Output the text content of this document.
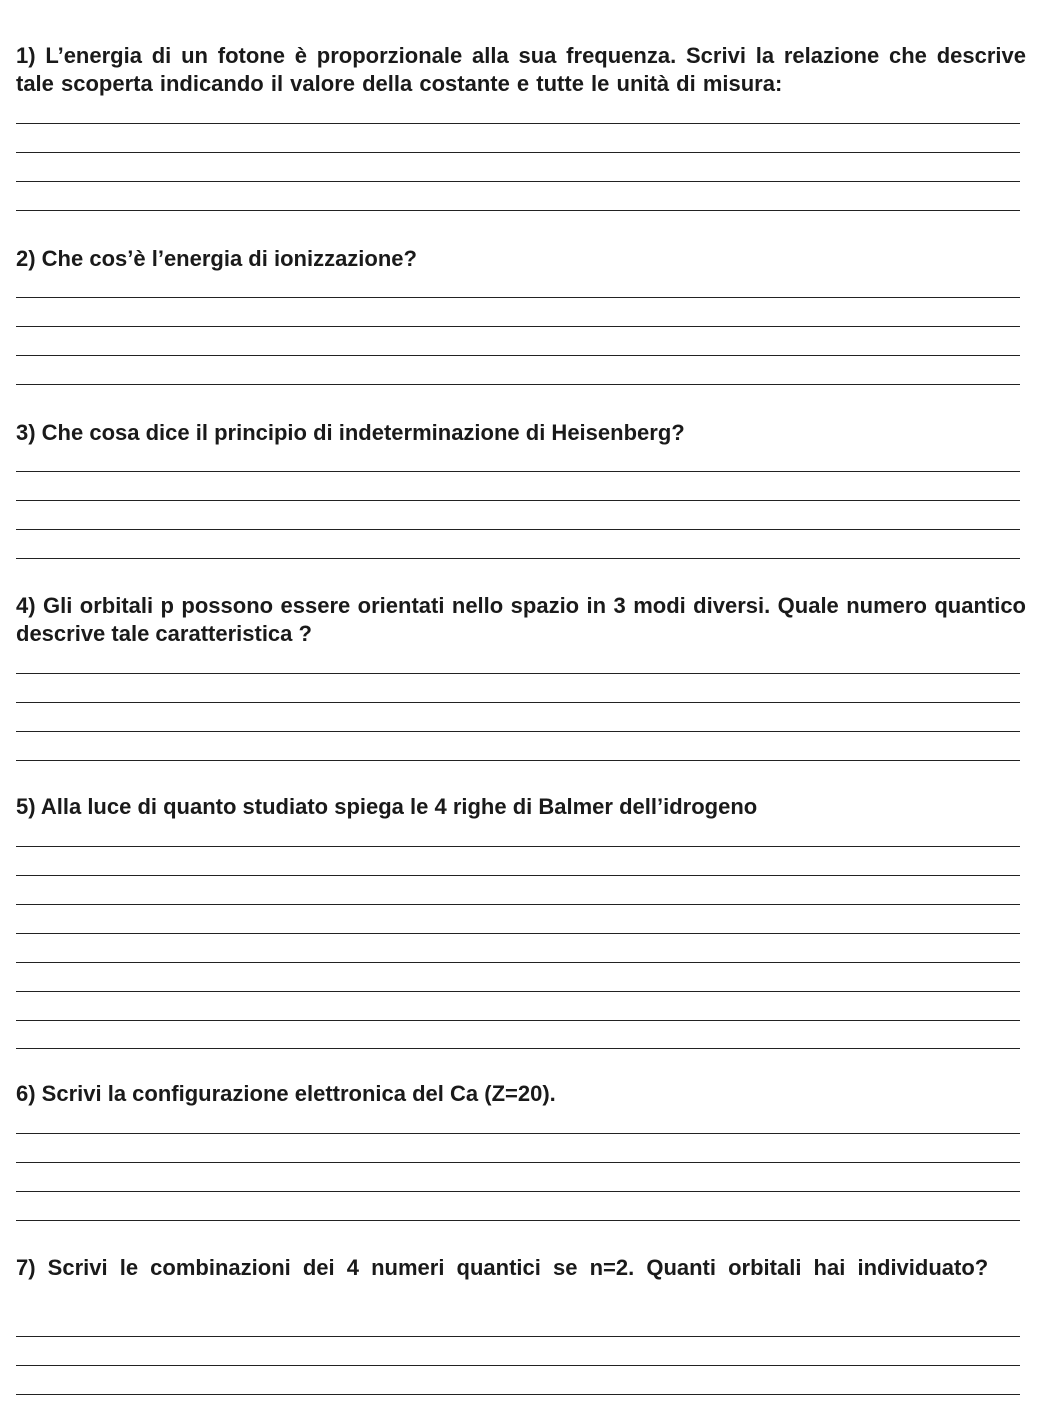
1) L’energia di un fotone è proporzionale alla sua frequenza. Scrivi la relazione che descrive tale scoperta indicando il valore della costante e tutte le unità di misura:

2) Che cos’è l’energia di ionizzazione?

3) Che cosa dice il principio di indeterminazione di Heisenberg?

4) Gli orbitali p possono essere orientati nello spazio in 3 modi diversi. Quale numero quantico descrive tale caratteristica ?

5) Alla luce di quanto studiato spiega le 4 righe di Balmer dell’idrogeno

6) Scrivi la configurazione elettronica del Ca (Z=20).

7) Scrivi le combinazioni dei 4 numeri quantici se n=2. Quanti orbitali hai individuato?
